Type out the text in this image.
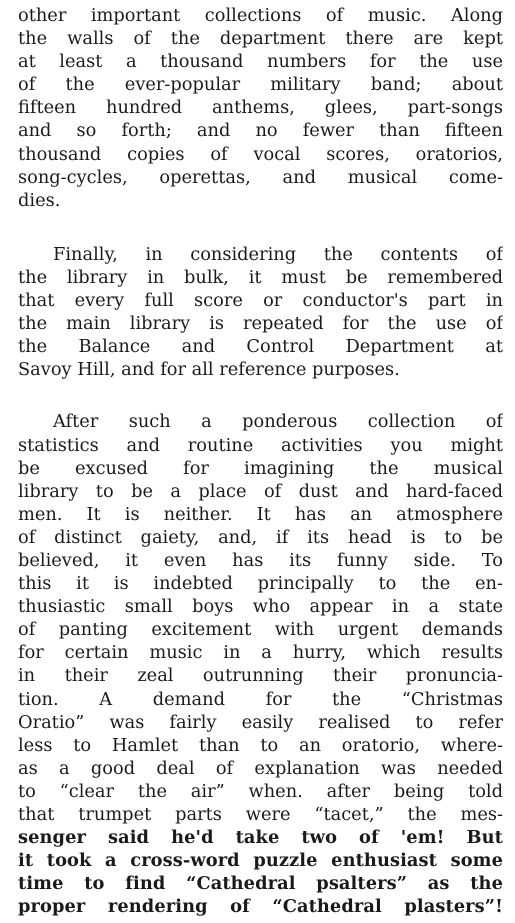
other important collections of music. Along
the walls of the department there are kept
at least a thousand numbers for the use
of the ever-popular military band; about
fifteen hundred anthems, glees, part-songs
and so forth; and no fewer than fifteen
thousand copies of vocal scores, oratorios,
song-cycles, operettas, and musical come-
dies.
Finally, in considering the contents of
the library in bulk, it must be remembered
that every full score or conductor's part in
the main library is repeated for the use of
the Balance and Control Department at
Savoy Hill, and for all reference purposes.
After such a ponderous collection of
statistics and routine activities you might
be excused for imagining the musical
library to be a place of dust and hard-faced
men. It is neither. It has an atmosphere
of distinct gaiety, and, if its head is to be
believed, it even has its funny side. To
this it is indebted principally to the en-
thusiastic small boys who appear in a state
of panting excitement with urgent demands
for certain music in a hurry, which results
in their zeal outrunning their pronuncia-
tion. A demand for the “Christmas
Oratio” was fairly easily realised to refer
less to Hamlet than to an oratorio, where-
as a good deal of explanation was needed
to “clear the air” when. after being told
that trumpet parts were “tacet,” the mes-
senger said he'd take two of 'em! But
it took a cross-word puzzle enthusiast some
time to find “Cathedral psalters” as the
proper rendering of “Cathedral plasters”!
